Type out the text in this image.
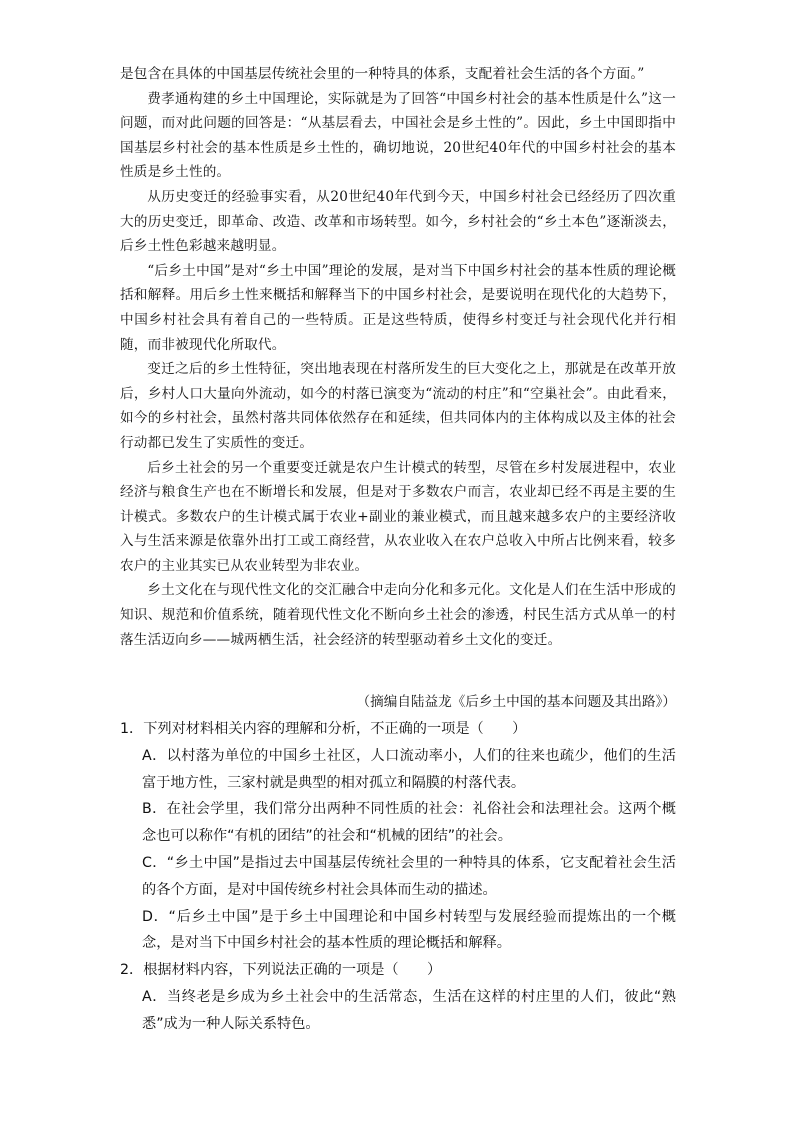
是包含在具体的中国基层传统社会里的一种特具的体系，支配着社会生活的各个方面。”

费孝通构建的乡土中国理论，实际就是为了回答“中国乡村社会的基本性质是什么”这一问题，而对此问题的回答是：“从基层看去，中国社会是乡土性的”。因此，乡土中国即指中国基层乡村社会的基本性质是乡土性的，确切地说，20世纪40年代的中国乡村社会的基本性质是乡土性的。

从历史变迁的经验事实看，从20世纪40年代到今天，中国乡村社会已经经历了四次重大的历史变迁，即革命、改造、改革和市场转型。如今，乡村社会的“乡土本色”逐渐淡去，后乡土性色彩越来越明显。

“后乡土中国”是对“乡土中国”理论的发展，是对当下中国乡村社会的基本性质的理论概括和解释。用后乡土性来概括和解释当下的中国乡村社会，是要说明在现代化的大趋势下，中国乡村社会具有着自己的一些特质。正是这些特质，使得乡村变迁与社会现代化并行相随，而非被现代化所取代。

变迁之后的乡土性特征，突出地表现在村落所发生的巨大变化之上，那就是在改革开放后，乡村人口大量向外流动，如今的村落已演变为“流动的村庄”和“空巢社会”。由此看来，如今的乡村社会，虽然村落共同体依然存在和延续，但共同体内的主体构成以及主体的社会行动都已发生了实质性的变迁。

后乡土社会的另一个重要变迁就是农户生计模式的转型，尽管在乡村发展进程中，农业经济与粮食生产也在不断增长和发展，但是对于多数农户而言，农业却已经不再是主要的生计模式。多数农户的生计模式属于农业+副业的兼业模式，而且越来越多农户的主要经济收入与生活来源是依靠外出打工或工商经营，从农业收入在农户总收入中所占比例来看，较多农户的主业其实已从农业转型为非农业。

乡土文化在与现代性文化的交汇融合中走向分化和多元化。文化是人们在生活中形成的知识、规范和价值系统，随着现代性文化不断向乡土社会的渗透，村民生活方式从单一的村落生活迈向乡——城两栖生活，社会经济的转型驱动着乡土文化的变迁。

（摘编自陆益龙《后乡土中国的基本问题及其出路》）

1．下列对材料相关内容的理解和分析，不正确的一项是（　　）

A．以村落为单位的中国乡土社区，人口流动率小，人们的往来也疏少，他们的生活富于地方性，三家村就是典型的相对孤立和隔膜的村落代表。

B．在社会学里，我们常分出两种不同性质的社会：礼俗社会和法理社会。这两个概念也可以称作“有机的团结”的社会和“机械的团结”的社会。

C．“乡土中国”是指过去中国基层传统社会里的一种特具的体系，它支配着社会生活的各个方面，是对中国传统乡村社会具体而生动的描述。

D．“后乡土中国”是于乡土中国理论和中国乡村转型与发展经验而提炼出的一个概念，是对当下中国乡村社会的基本性质的理论概括和解释。

2．根据材料内容，下列说法正确的一项是（　　）

A．当终老是乡成为乡土社会中的生活常态，生活在这样的村庄里的人们，彼此“熟悉”成为一种人际关系特色。
